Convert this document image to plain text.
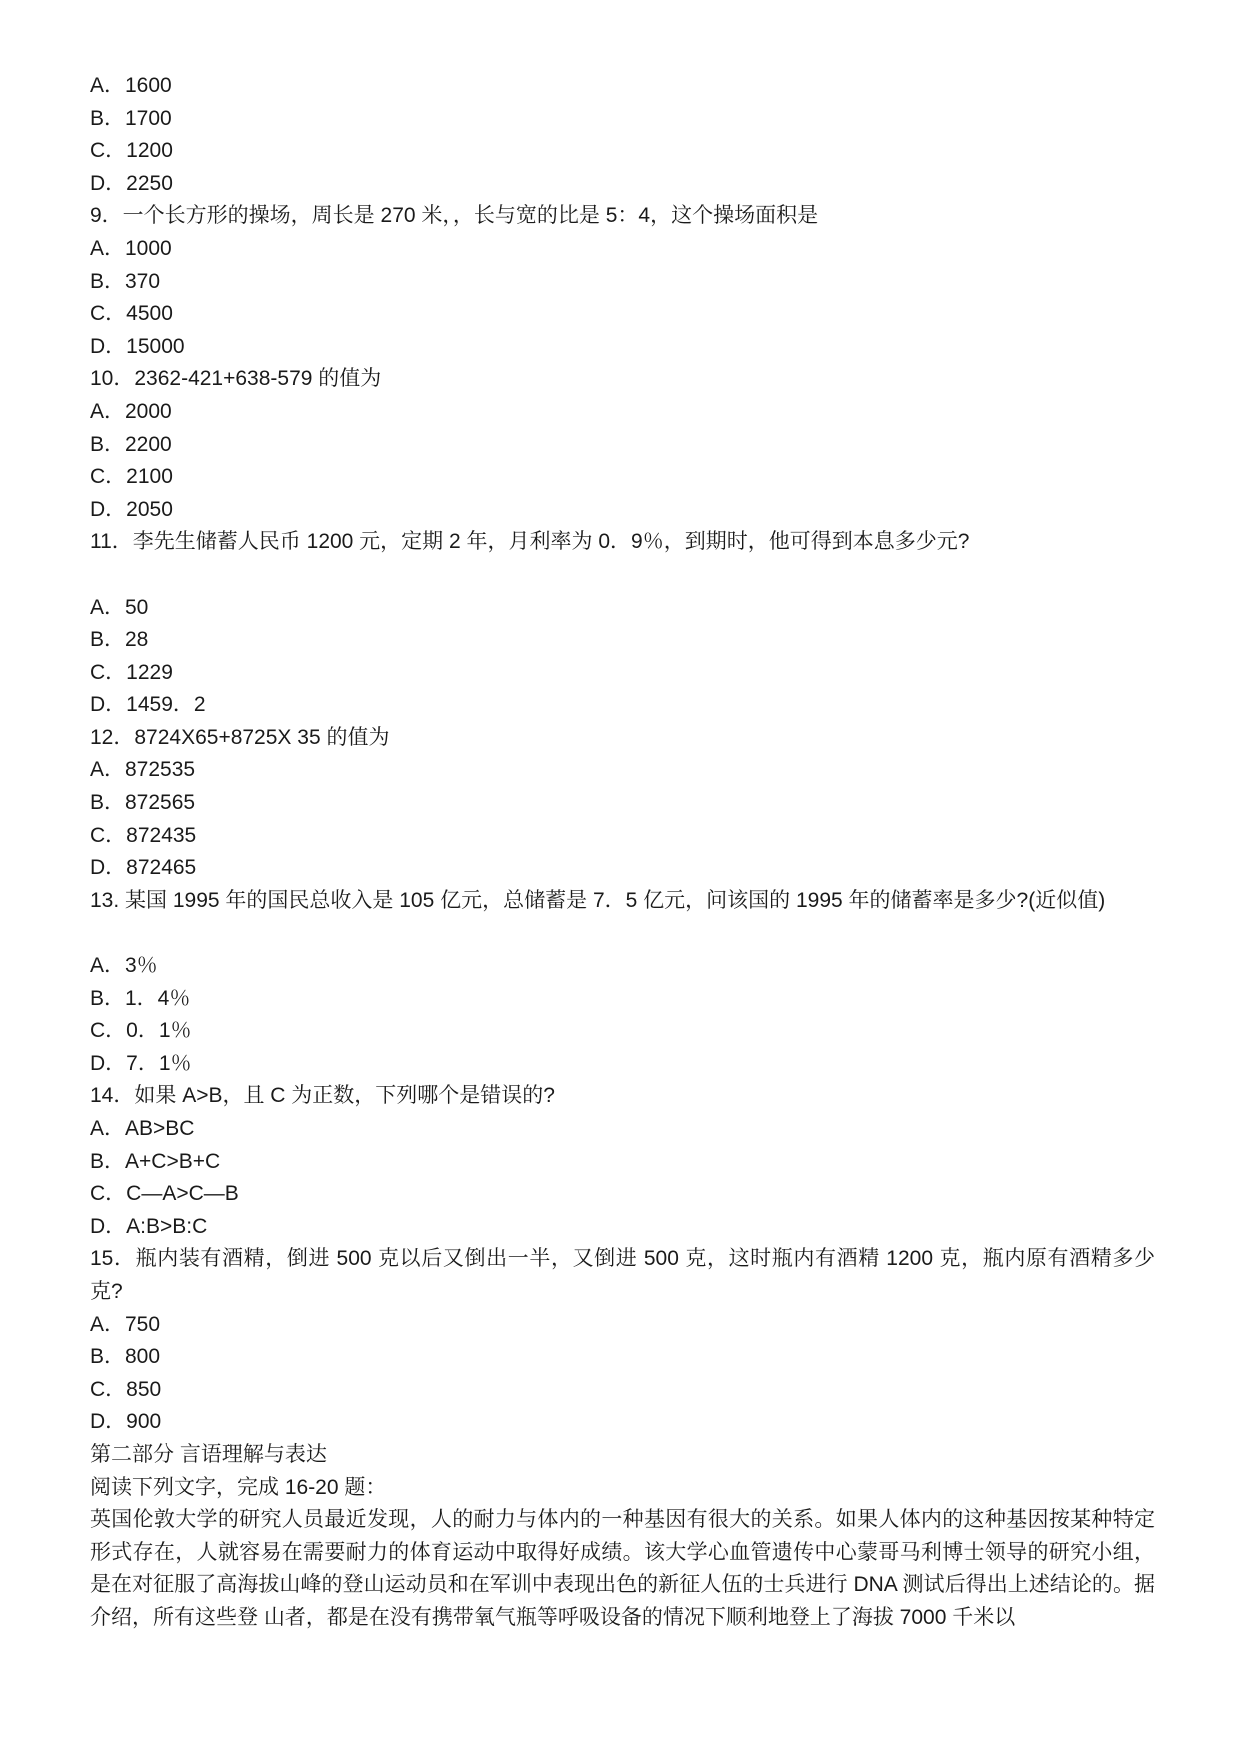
A．1600
B．1700
C．1200
D．2250
9．一个长方形的操场，周长是 270 米，，长与宽的比是 5：4，这个操场面积是
A．1000
B．370
C．4500
D．15000
10．2362-421+638-579 的值为
A．2000
B．2200
C．2100
D．2050
11．李先生储蓄人民币 1200 元，定期 2 年，月利率为 0．9％，到期时，他可得到本息多少元?
A．50
B．28
C．1229
D．1459．2
12．8724X65+8725X 35 的值为
A．872535
B．872565
C．872435
D．872465
13. 某国 1995 年的国民总收入是 105 亿元，总储蓄是 7．5 亿元，问该国的 1995 年的储蓄率是多少?(近似值)
A．3％
B．1．4％
C．0．1％
D．7．1％
14．如果 A>B，且 C 为正数，下列哪个是错误的?
A．AB>BC
B．A+C>B+C
C．C—A>C—B
D．A:B>B:C
15．瓶内装有酒精，倒进 500 克以后又倒出一半，又倒进 500 克，这时瓶内有酒精 1200 克，瓶内原有酒精多少克?
A．750
B．800
C．850
D．900
第二部分 言语理解与表达
阅读下列文字，完成 16-20 题：
英国伦敦大学的研究人员最近发现，人的耐力与体内的一种基因有很大的关系。如果人体内的这种基因按某种特定形式存在，人就容易在需要耐力的体育运动中取得好成绩。该大学心血管遗传中心蒙哥马利博士领导的研究小组，是在对征服了高海拔山峰的登山运动员和在军训中表现出色的新征人伍的士兵进行 DNA 测试后得出上述结论的。据介绍，所有这些登 山者，都是在没有携带氧气瓶等呼吸设备的情况下顺利地登上了海拔 7000 千米以
